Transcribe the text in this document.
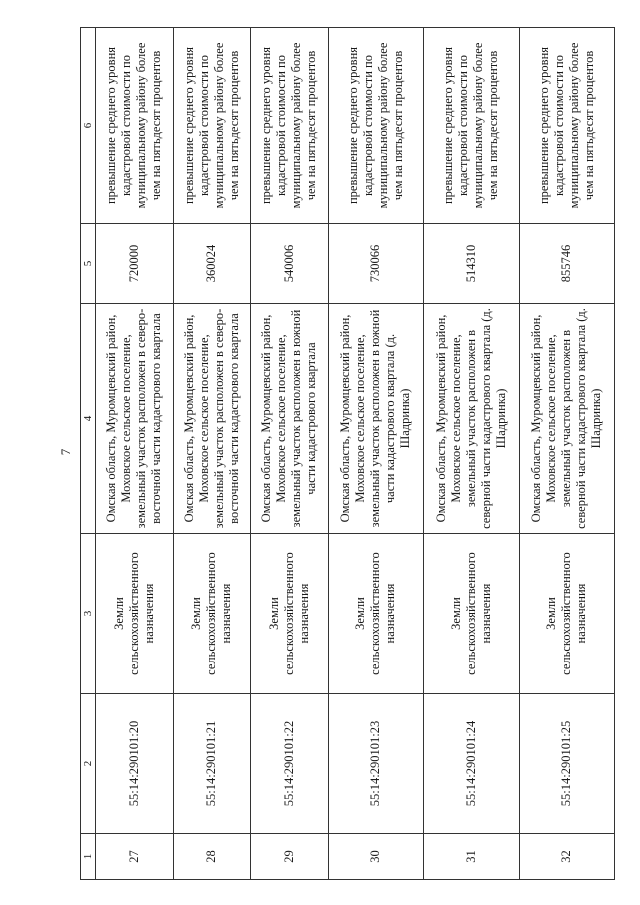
7
1	2	3	4	5	6
27	55:14:290101:20	Земли сельскохозяйственного назначения	Омская область, Муромцевский район, Моховское сельское поселение, земельный участок расположен в северо-восточной части кадастрового квартала	720000	превышение среднего уровня кадастровой стоимости по муниципальному району более чем на пятьдесят процентов
28	55:14:290101:21	Земли сельскохозяйственного назначения	Омская область, Муромцевский район, Моховское сельское поселение, земельный участок расположен в северо-восточной части кадастрового квартала	360024	превышение среднего уровня кадастровой стоимости по муниципальному району более чем на пятьдесят процентов
29	55:14:290101:22	Земли сельскохозяйственного назначения	Омская область, Муромцевский район, Моховское сельское поселение, земельный участок расположен в южной части кадастрового квартала	540006	превышение среднего уровня кадастровой стоимости по муниципальному району более чем на пятьдесят процентов
30	55:14:290101:23	Земли сельскохозяйственного назначения	Омская область, Муромцевский район, Моховское сельское поселение, земельный участок расположен в южной части кадастрового квартала (д. Шадринка)	730066	превышение среднего уровня кадастровой стоимости по муниципальному району более чем на пятьдесят процентов
31	55:14:290101:24	Земли сельскохозяйственного назначения	Омская область, Муромцевский район, Моховское сельское поселение, земельный участок расположен в северной части кадастрового квартала (д. Шадринка)	514310	превышение среднего уровня кадастровой стоимости по муниципальному району более чем на пятьдесят процентов
32	55:14:290101:25	Земли сельскохозяйственного назначения	Омская область, Муромцевский район, Моховское сельское поселение, земельный участок расположен в северной части кадастрового квартала (д. Шадринка)	855746	превышение среднего уровня кадастровой стоимости по муниципальному району более чем на пятьдесят процентов
